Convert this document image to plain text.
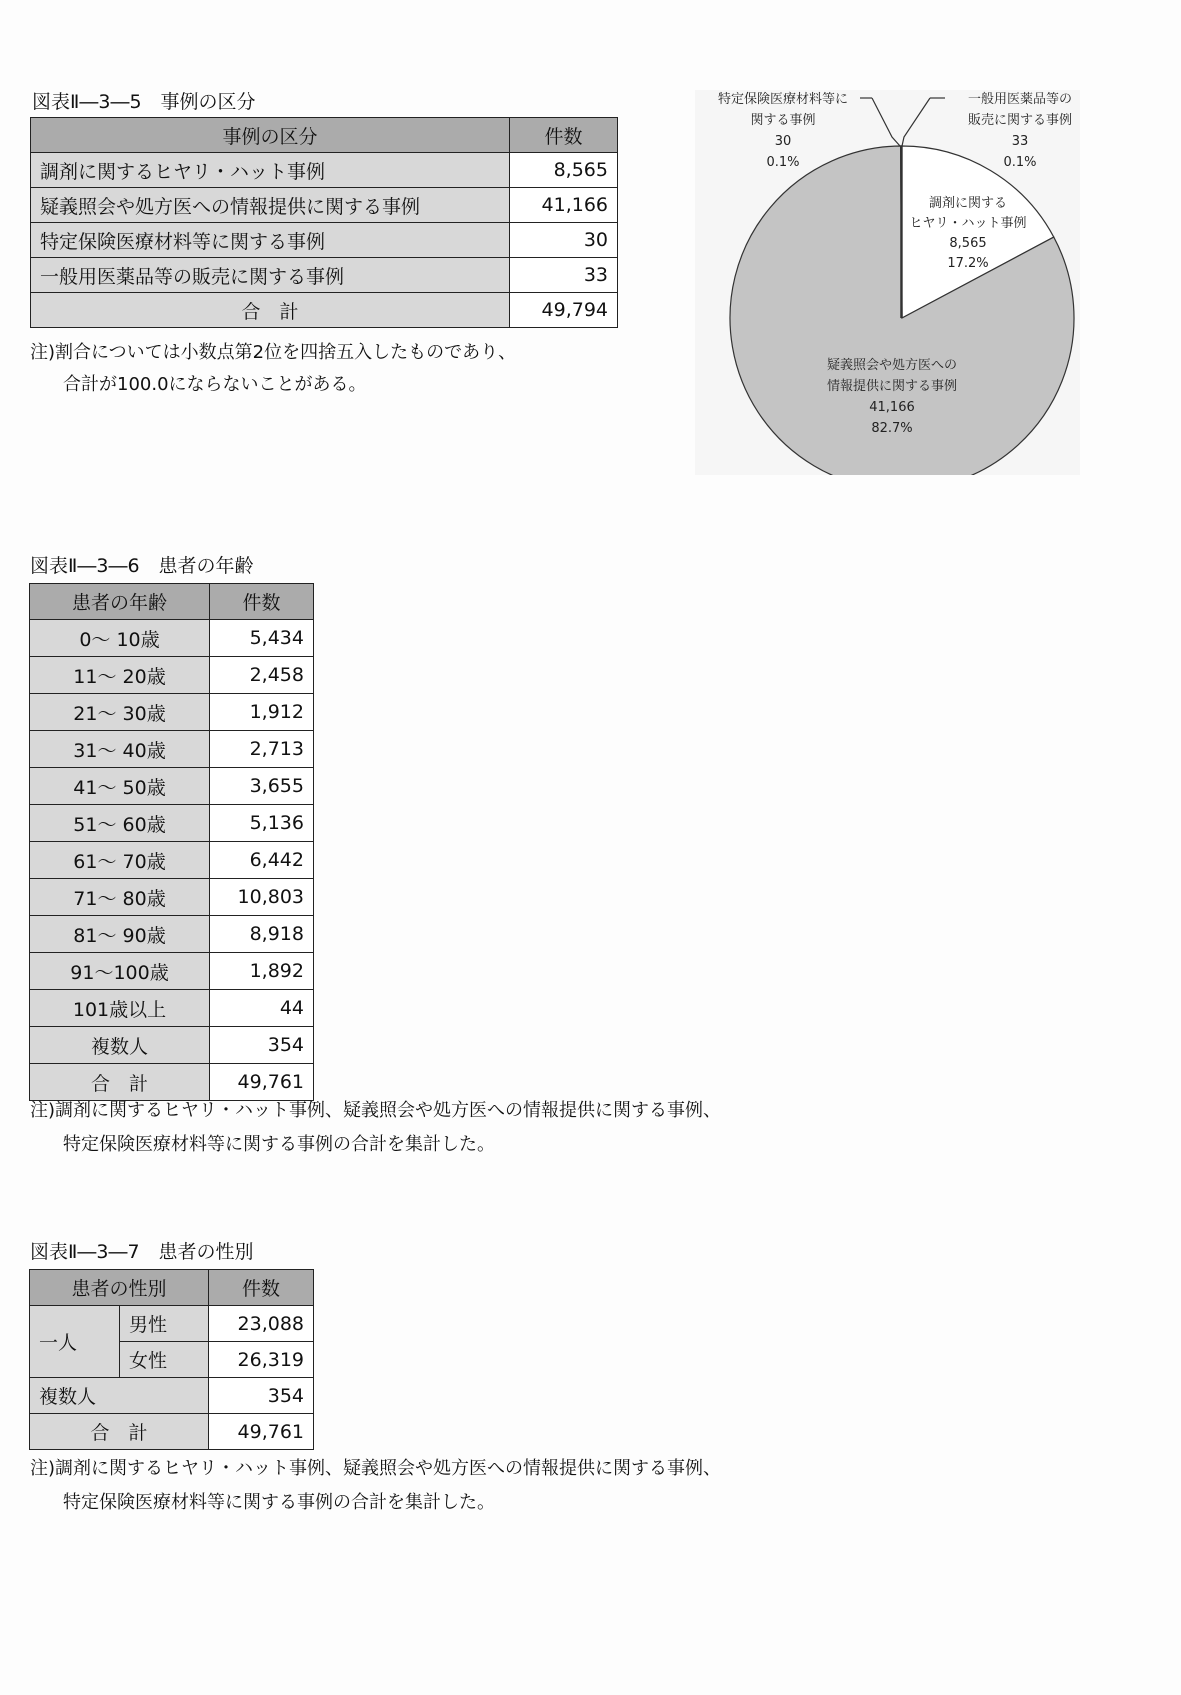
図表Ⅱ―3―5　事例の区分
事例の区分	件数
調剤に関するヒヤリ・ハット事例	8,565
疑義照会や処方医への情報提供に関する事例	41,166
特定保険医療材料等に関する事例	30
一般用医薬品等の販売に関する事例	33
合　計	49,794
注)割合については小数点第2位を四捨五入したものであり、
合計が100.0にならないことがある。
特定保険医療材料等に
関する事例
30
0.1%
一般用医薬品等の
販売に関する事例
33
0.1%
調剤に関する
ヒヤリ・ハット事例
8,565
17.2%
疑義照会や処方医への
情報提供に関する事例
41,166
82.7%
図表Ⅱ―3―6　患者の年齢
患者の年齢	件数
0～ 10歳	5,434
11～ 20歳	2,458
21～ 30歳	1,912
31～ 40歳	2,713
41～ 50歳	3,655
51～ 60歳	5,136
61～ 70歳	6,442
71～ 80歳	10,803
81～ 90歳	8,918
91～100歳	1,892
101歳以上	44
複数人	354
合　計	49,761
注)調剤に関するヒヤリ・ハット事例、疑義照会や処方医への情報提供に関する事例、
特定保険医療材料等に関する事例の合計を集計した。
図表Ⅱ―3―7　患者の性別
患者の性別		件数
一人	男性	23,088
	女性	26,319
複数人		354
合　計		49,761
注)調剤に関するヒヤリ・ハット事例、疑義照会や処方医への情報提供に関する事例、
特定保険医療材料等に関する事例の合計を集計した。
